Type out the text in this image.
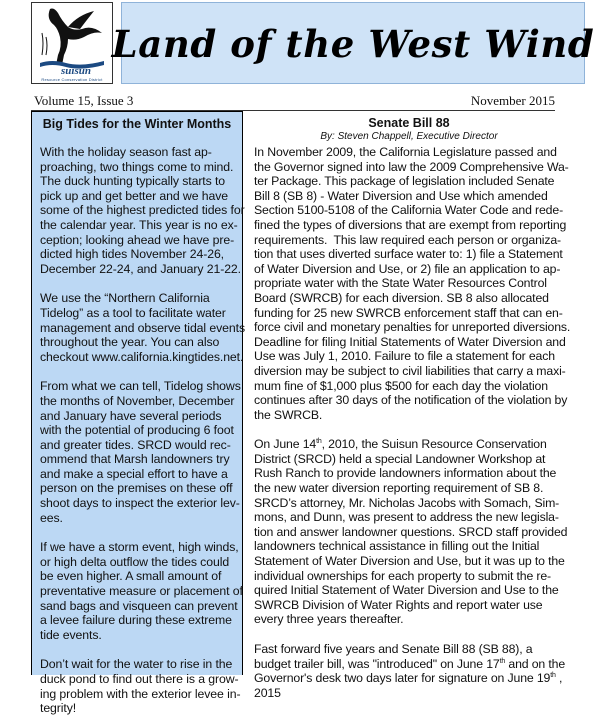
suisun
Resource Conservation District
Land of the West Wind
Volume 15, Issue 3	November 2015
Big Tides for the Winter Months

With the holiday season fast ap-
proaching, two things come to mind.
The duck hunting typically starts to
pick up and get better and we have
some of the highest predicted tides for
the calendar year. This year is no ex-
ception; looking ahead we have pre-
dicted high tides November 24-26,
December 22-24, and January 21-22.

We use the “Northern California
Tidelog” as a tool to facilitate water
management and observe tidal events
throughout the year. You can also
checkout www.california.kingtides.net.

From what we can tell, Tidelog shows
the months of November, December
and January have several periods
with the potential of producing 6 foot
and greater tides. SRCD would rec-
ommend that Marsh landowners try
and make a special effort to have a
person on the premises on these off
shoot days to inspect the exterior lev-
ees.

If we have a storm event, high winds,
or high delta outflow the tides could
be even higher. A small amount of
preventative measure or placement of
sand bags and visqueen can prevent
a levee failure during these extreme
tide events.

Don’t wait for the water to rise in the
duck pond to find out there is a grow-
ing problem with the exterior levee in-
tegrity!

Senate Bill 88

By: Steven Chappell, Executive Director

In November 2009, the California Legislature passed and
the Governor signed into law the 2009 Comprehensive Wa-
ter Package. This package of legislation included Senate
Bill 8 (SB 8) - Water Diversion and Use which amended
Section 5100-5108 of the California Water Code and rede-
fined the types of diversions that are exempt from reporting
requirements.  This law required each person or organiza-
tion that uses diverted surface water to: 1) file a Statement
of Water Diversion and Use, or 2) file an application to ap-
propriate water with the State Water Resources Control
Board (SWRCB) for each diversion. SB 8 also allocated
funding for 25 new SWRCB enforcement staff that can en-
force civil and monetary penalties for unreported diversions.
Deadline for filing Initial Statements of Water Diversion and
Use was July 1, 2010. Failure to file a statement for each
diversion may be subject to civil liabilities that carry a maxi-
mum fine of $1,000 plus $500 for each day the violation
continues after 30 days of the notification of the violation by
the SWRCB.

On June 14th, 2010, the Suisun Resource Conservation
District (SRCD) held a special Landowner Workshop at
Rush Ranch to provide landowners information about the
the new water diversion reporting requirement of SB 8.
SRCD’s attorney, Mr. Nicholas Jacobs with Somach, Sim-
mons, and Dunn, was present to address the new legisla-
tion and answer landowner questions. SRCD staff provided
landowners technical assistance in filling out the Initial
Statement of Water Diversion and Use, but it was up to the
individual ownerships for each property to submit the re-
quired Initial Statement of Water Diversion and Use to the
SWRCB Division of Water Rights and report water use
every three years thereafter.

Fast forward five years and Senate Bill 88 (SB 88), a
budget trailer bill, was "introduced" on June 17th and on the
Governor's desk two days later for signature on June 19th ,
2015
